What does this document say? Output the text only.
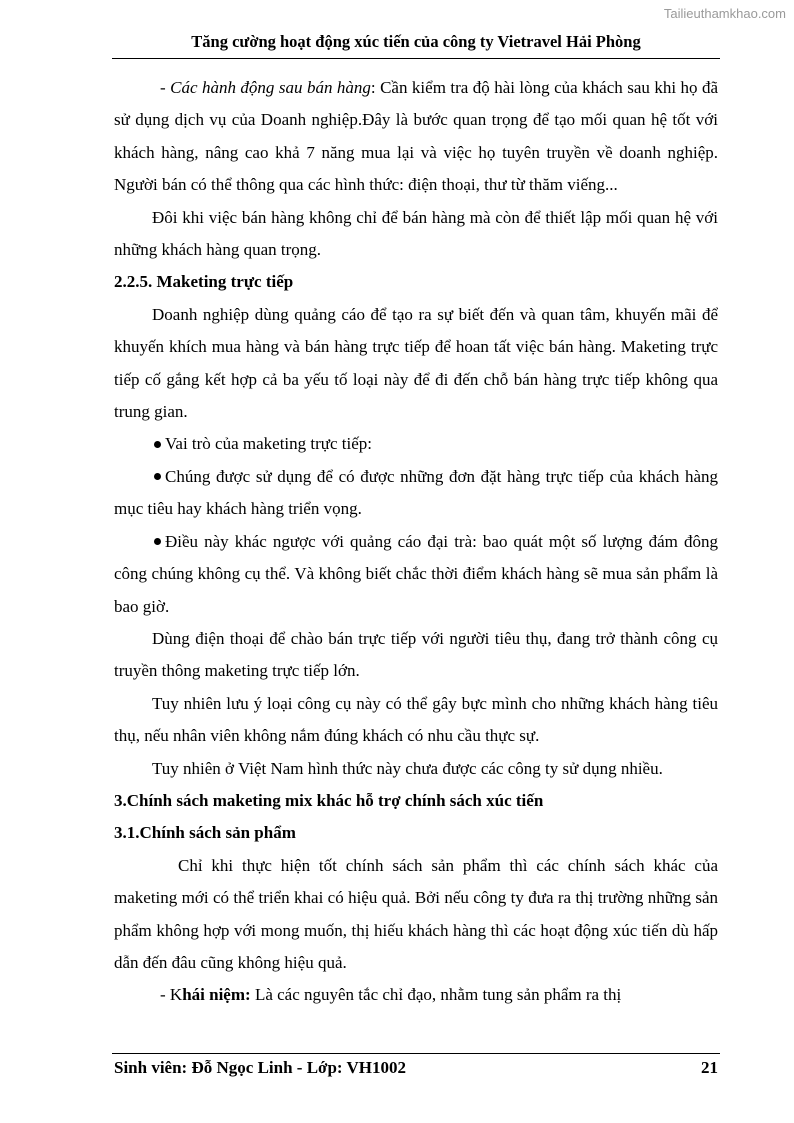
Tailieuthamkhao.com
Tăng cường hoạt động xúc tiến của công ty Vietravel Hải Phòng

- Các hành động sau bán hàng: Cần kiểm tra độ hài lòng của khách sau khi họ đã sử dụng dịch vụ của Doanh nghiệp.Đây là bước quan trọng để tạo mối quan hệ tốt với khách hàng, nâng cao khả 7 năng mua lại và việc họ tuyên truyền về doanh nghiệp. Người bán có thể thông qua các hình thức: điện thoại, thư từ thăm viếng...

Đôi khi việc bán hàng không chỉ để bán hàng mà còn để thiết lập mối quan hệ với những khách hàng quan trọng.

2.2.5. Maketing trực tiếp

Doanh nghiệp dùng quảng cáo để tạo ra sự biết đến và quan tâm, khuyến mãi để khuyến khích mua hàng và bán hàng trực tiếp để hoan tất việc bán hàng. Maketing trực tiếp cố gắng kết hợp cả ba yếu tố loại này để đi đến chỗ bán hàng trực tiếp không qua trung gian.

Vai trò của maketing trực tiếp:

Chúng được sử dụng để có được những đơn đặt hàng trực tiếp của khách hàng mục tiêu hay khách hàng triển vọng.

Điều này khác ngược với quảng cáo đại trà: bao quát một số lượng đám đông công chúng không cụ thể. Và không biết chắc thời điểm khách hàng sẽ mua sản phẩm là bao giờ.

Dùng điện thoại để chào bán trực tiếp với người tiêu thụ, đang trở thành công cụ truyền thông maketing trực tiếp lớn.

Tuy nhiên lưu ý loại công cụ này có thể gây bực mình cho những khách hàng tiêu thụ, nếu nhân viên không nắm đúng khách có nhu cầu thực sự.

Tuy nhiên ở Việt Nam hình thức này chưa được các công ty sử dụng nhiều.

3.Chính sách maketing mix khác hỗ trợ chính sách xúc tiến

3.1.Chính sách sản phẩm

Chỉ khi thực hiện tốt chính sách sản phẩm thì các chính sách khác của maketing mới có thể triển khai có hiệu quả. Bởi nếu công ty đưa ra thị trường những sản phẩm không hợp với mong muốn, thị hiếu khách hàng thì các hoạt động xúc tiến dù hấp dẫn đến đâu cũng không hiệu quả.

- Khái niệm: Là các nguyên tắc chỉ đạo, nhằm tung sản phẩm ra thị

Sinh viên: Đỗ Ngọc Linh - Lớp: VH1002	21
